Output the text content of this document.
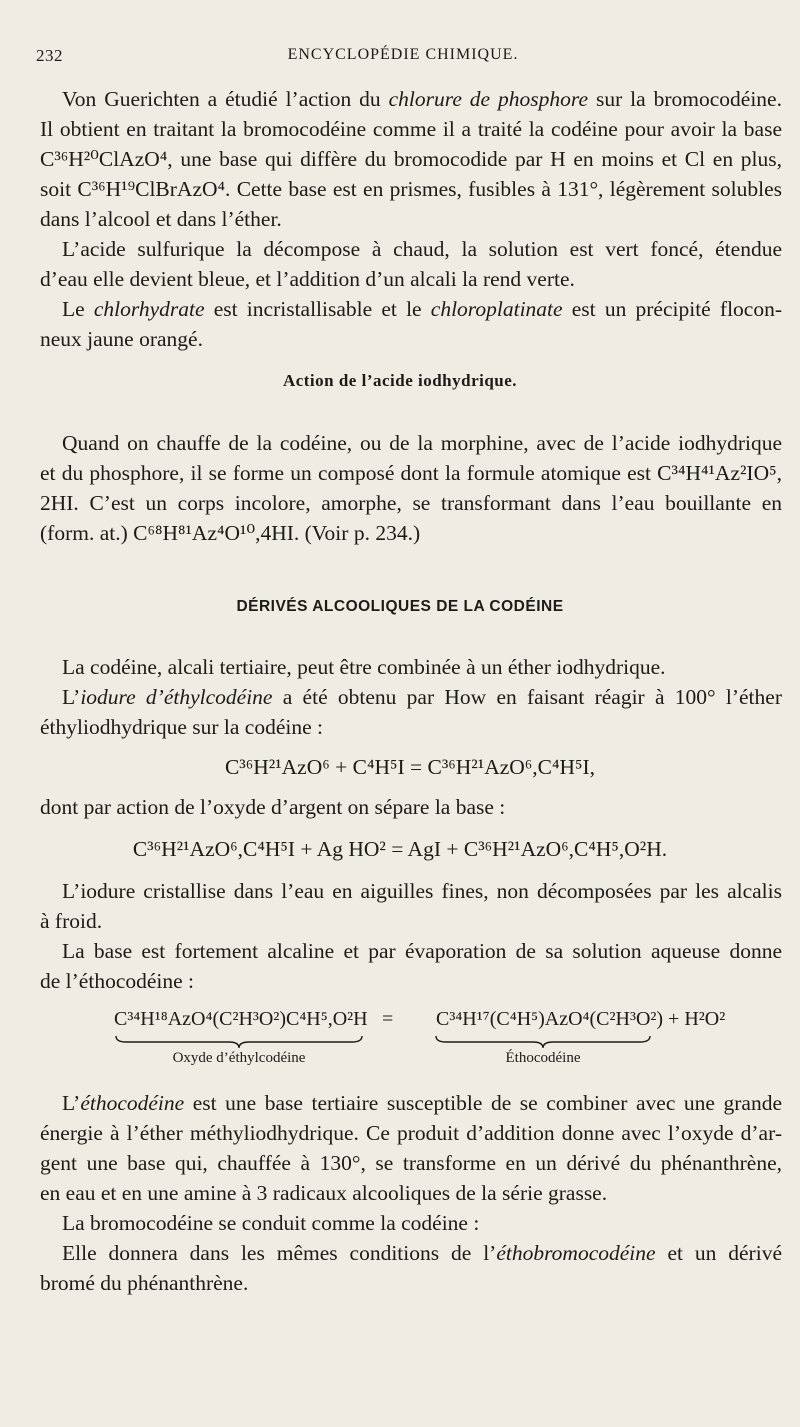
232	ENCYCLOPÉDIE CHIMIQUE.
Von Guerichten a étudié l’action du chlorure de phosphore sur la bromocodéine.
Il obtient en traitant la bromocodéine comme il a traité la codéine pour avoir la base
C³⁶H²⁰ClAzO⁴, une base qui diffère du bromocodide par H en moins et Cl en plus,
soit C³⁶H¹⁹ClBrAzO⁴. Cette base est en prismes, fusibles à 131°, légèrement solubles
dans l’alcool et dans l’éther.
L’acide sulfurique la décompose à chaud, la solution est vert foncé, étendue
d’eau elle devient bleue, et l’addition d’un alcali la rend verte.
Le chlorhydrate est incristallisable et le chloroplatinate est un précipité flocon-
neux jaune orangé.
Action de l’acide iodhydrique.
Quand on chauffe de la codéine, ou de la morphine, avec de l’acide iodhydrique
et du phosphore, il se forme un composé dont la formule atomique est C³⁴H⁴¹Az²IO⁵,
2HI. C’est un corps incolore, amorphe, se transformant dans l’eau bouillante en
(form. at.) C⁶⁸H⁸¹Az⁴O¹⁰,4HI. (Voir p. 234.)
DÉRIVÉS ALCOOLIQUES DE LA CODÉINE
La codéine, alcali tertiaire, peut être combinée à un éther iodhydrique.
L’iodure d’éthylcodéine a été obtenu par How en faisant réagir à 100° l’éther
éthyliodhydrique sur la codéine :
C³⁶H²¹AzO⁶ + C⁴H⁵I = C³⁶H²¹AzO⁶,C⁴H⁵I,
dont par action de l’oxyde d’argent on sépare la base :
C³⁶H²¹AzO⁶,C⁴H⁵I + Ag HO² = AgI + C³⁶H²¹AzO⁶,C⁴H⁵,O²H.
L’iodure cristallise dans l’eau en aiguilles fines, non décomposées par les alcalis
à froid.
La base est fortement alcaline et par évaporation de sa solution aqueuse donne
de l’éthocodéine :
C³⁴H¹⁸AzO⁴(C²H³O²)C⁴H⁵,O²H = C³⁴H¹⁷(C⁴H⁵)AzO⁴(C²H³O²) + H²O²
Oxyde d’éthylcodéine	Éthocodéine
L’éthocodéine est une base tertiaire susceptible de se combiner avec une grande
énergie à l’éther méthyliodhydrique. Ce produit d’addition donne avec l’oxyde d’ar-
gent une base qui, chauffée à 130°, se transforme en un dérivé du phénanthrène,
en eau et en une amine à 3 radicaux alcooliques de la série grasse.
La bromocodéine se conduit comme la codéine :
Elle donnera dans les mêmes conditions de l’éthobromocodéine et un dérivé
bromé du phénanthrène.
